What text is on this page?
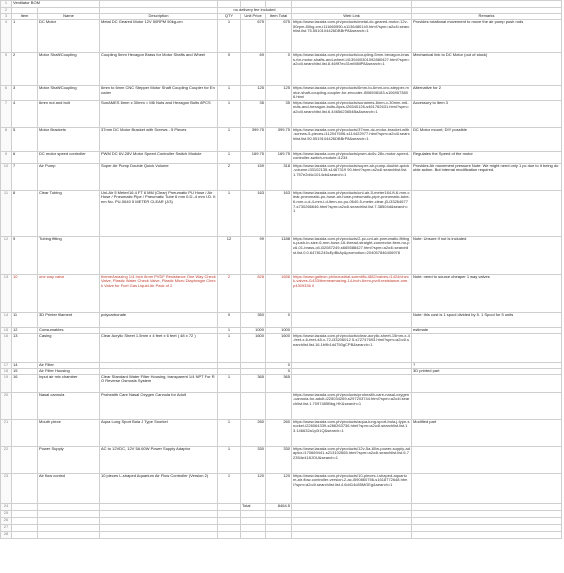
1	Ventilator BOM							
2				no delivery fee included				
3	Item	Name	Description	QTY	Unit Price	Item Total	Web Link	Remarks
4	1	DC Motor	Metal DC Geared Motor 12V 50RPM 50kg-cm	1	675	675	https://www.lazada.com.ph/products/metal-dc-geared-motor-12v-50rpm-50kg-cm-i111660590-s1136480140.html?spm=a2o4l.searchlist.list.75.5510104426DBBrP8&search=1	Provides rotational movement to move the air pump push rods
5	2	Motor Shaft/Coupling	Coupling 5mm Hexagon Brass for Motor Shafts and Wheel	0	69	0	https://www.lazada.com.ph/products/coupling-5mm-hexagon-brass-for-motor-shafts-and-wheel-i4139400301092880427.html?spm=a2o4l.searchlist.list.8.469f7ec31mM8ilP8&search=1	Mechanical link to DC Motor (out of stock)
6	3	Motor Shaft/Coupling	6mm to 6mm CNC Stepper Motor Shaft Coupling Coupler for Encoder	1	125	125	https://www.lazada.com.ph/products/6mm-to-6mm-cnc-stepper-motor-shaft-coupling-coupler-for-encoder-i506598183-s1069573806.html	Alternative for 2
7	4	6mm nut and bolt	SunAMES 6mm x 30mm = M6 Nuts and Hexagon Bolts 8PCS	1	35	35	https://www.lazada.com.ph/products/sunames-6mm-x-30mm-m6-nuts-and-hexagon-bolts-8pcs-i26540126-s461762631.html?spm=a2o4l.searchlist.list.6.4465623654Ba&search=1	Accessory to item 3
8	5	Motor Brackets	37mm DC Motor Bracket with Screws - 5 Pieces	1	399.75	399.75	https://www.lazada.com.ph/products/37mm-dc-motor-bracket-with-screws-5-pieces-i112047696-s114422977.html?spm=a2o4l.searchlist.list.50.5519104426DBBrP8&search=1	DC Motor mount; DIY possible
9	6	DC motor speed controller	PWM DC 6V-28V Motor Speed Controller Switch Module	1	169.75	169.75	https://www.lazada.com.ph/products/pwm-dc6v-28v-motor-speed-controller-switch-module-i1234	Regulates the Speed of the motor
10	7	Air Pump	Super Air Pump Double Quick Volume	2	159	318	https://www.lazada.com.ph/products/super-air-pump-double-quick-volume-i33102135-s1467319 90.html?spm=a2o4l.searchlist.list.1.757e2d4c1014cb&search=1	Provides Air movement pressure Note: We might need only 1 pc due to it being double action. But internal modification required.
11	8	Clear Tubing	Uni-Air 5 Meter/16.4 FT 6 MM (Clear) Pneumatic PU Hose / Air Hose / Pneumatic Pipe / Pneumatic Tube 6 mm 0.D.-4 mm I.D. Item No. PU-0640 5 METER CLEAR (J/3)	1	163	163	https://www.lazada.com.ph/products/uni-air-5-meter164-ft-6-mm-clear-pneumatic-pu-hose-air-hose-pneumatic-pipe-pneumatic-tube-6-mm-o-d-4-mm-i-d-item-no-pu-0640-5-meter-clear-j3-i332646777-s730266646.html?spm=a2o4l.searchlist.list.7.38504d&search=1	
12	9	Tubing fitting		12	99	1188	https://www.lazada.com.ph/products/2-pc-uni-air-pneumatic-fittings-push-in-size-6-mm-hose-16-thread-straight-connector-item-no-pc6-01-brass-oil-i32087249-s665588427.html?spm=a2o4l.searchlist.list.0.0.64781245cEpBkAy&promotion=204057846406978	Note: Unsure if nut is included
13	10	one way valve	themeAmazing 1/4 Inch 6mm PVDF Resistance One Way Check Valve, Plastic Water Check Valve, Plastic Micro Diaphragm Check Valve for Fuel Gas Liquid Air Pack of 2	2	828	1656	https://www.galleon.ph/industrial-scientific-i882/valves-i1424/check-valves-i1433/themeamazing-14-inch-6mm-pvdf-resistance-one-p4309336 0	Note: need to source cheaper 1 way valves
14	11	3D Printer filament	polycarbonate	0	350	0		Note: this cost is 1 spool divided by 5. 1 Spool for 5 units
15	12	Consumables		1	1000	1000		estimate
16	13	Casing	Clear Acrylic Sheet 1.5mm x 4 feet x 6 feet ( 48 x 72 )	1	1600	1600	https://www.lazada.com.ph/products/clear-acrylic-sheet-15mm-x-4-feet-x-6-feet-48-x-72-i33206012 5-s72747693.html?spm=a2o4l.searchlist.list.16.1b9b1d4750gCPB&search=1	
17	14	Air Filter				0		?
18	15	Air Filter Housing				0		3D printed part
19	16	Input air mix chamber	Clear Standard Water Filter Housing, transparent 1/4 NPT For RO Reverse Osmosis System	1	365	365		
20		Nasal cannula	Prohealth Care Nasal Oxygen Cannula for Adult				https://www.lazada.com.ph/products/prohealth-care-nasal-oxygen-cannula-for-adult-i225034269-s297203744.html?spm=a2o4l.searchlist.list.1.7097485Bbg,HK&search=1	
21		Mouth piece	Aqua Lung Sport Bula J Type Snorkel	1	260	260	https://www.lazada.com.ph/products/aqua-lung-sport-bula-j-type-snorkel-i226064339-s266263736.html?spm=a2o4l.searchlist.list.13.146632a1y0i1Q&search=1	Modified part
22		Power Supply	AC to 12VDC, 12V 5A 60W Power Supply Adaptor	1	330	330	https://www.lazada.com.ph/products/12v-5a-60w-power-supply-adaptor-i170669441-s213102665.html?spm=a2o4l.searchlist.list.6.72354e418JOU&search=1	
23		Air flow control	10 pieces L-shaped Aquarium Air Flow Controller (Version 2)	1	120	120	https://www.lazada.com.ph/products/10-pieces-l-shaped-aquarium-air-flow-controller-version-2-ac-i590860756-s1618772648.html?spm=a2o4l.searchlist.list.4.6d414c85MGEg&search=1	
24					Total	8464.5		
25								
26								
27								
28								
